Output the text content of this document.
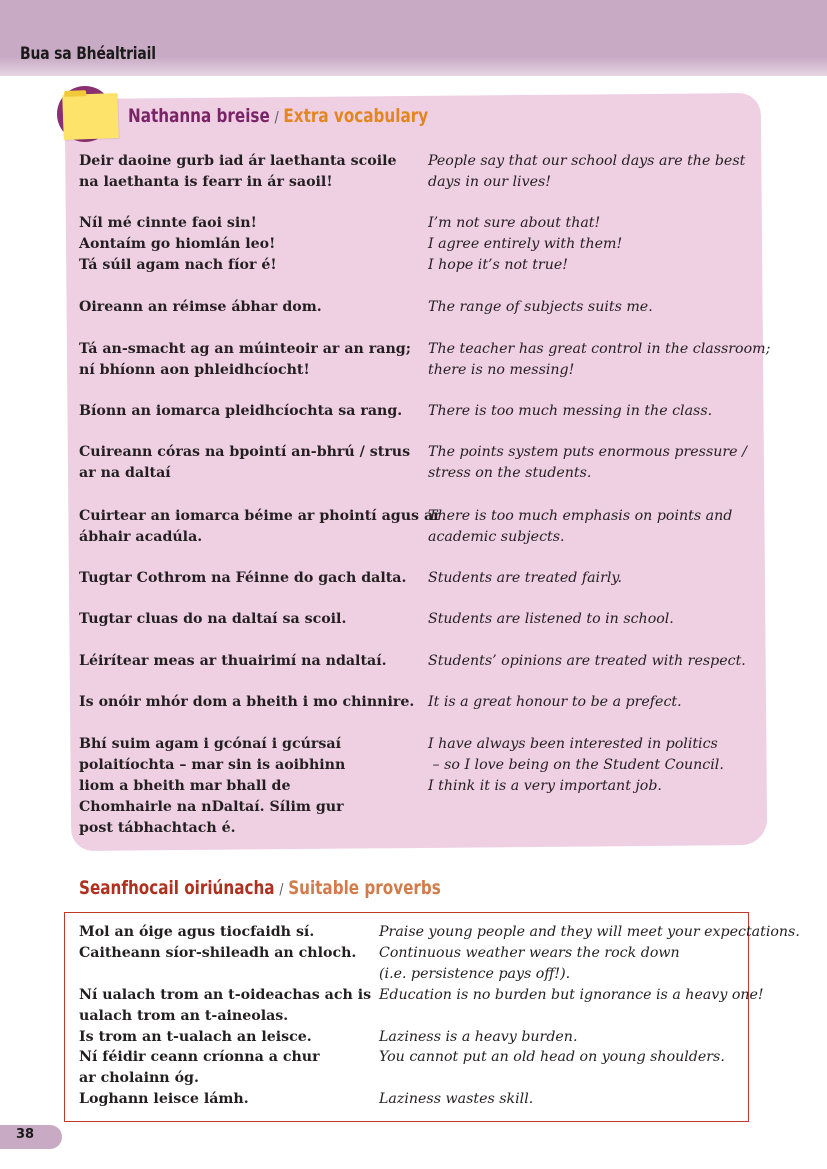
Bua sa Bhéaltriail
Nathanna breise / Extra vocabulary
Deir daoine gurb iad ár laethanta scoile
na laethanta is fearr in ár saoil!
Níl mé cinnte faoi sin!
Aontaím go hiomlán leo!
Tá súil agam nach fíor é!
Oireann an réimse ábhar dom.
Tá an-smacht ag an múinteoir ar an rang;
ní bhíonn aon phleidhcíocht!
Bíonn an iomarca pleidhcíochta sa rang.
Cuireann córas na bpointí an-bhrú / strus
ar na daltaí
Cuirtear an iomarca béime ar phointí agus ar
ábhair acadúla.
Tugtar Cothrom na Féinne do gach dalta.
Tugtar cluas do na daltaí sa scoil.
Léirítear meas ar thuairimí na ndaltaí.
Is onóir mhór dom a bheith i mo chinnire.
Bhí suim agam i gcónaí i gcúrsaí
polaitíochta – mar sin is aoibhinn
liom a bheith mar bhall de
Chomhairle na nDaltaí. Sílim gur
post tábhachtach é.
People say that our school days are the best
days in our lives!
I’m not sure about that!
I agree entirely with them!
I hope it’s not true!
The range of subjects suits me.
The teacher has great control in the classroom;
there is no messing!
There is too much messing in the class.
The points system puts enormous pressure /
stress on the students.
There is too much emphasis on points and
academic subjects.
Students are treated fairly.
Students are listened to in school.
Students’ opinions are treated with respect.
It is a great honour to be a prefect.
I have always been interested in politics
– so I love being on the Student Council.
I think it is a very important job.
Seanfhocail oiriúnacha / Suitable proverbs
Mol an óige agus tiocfaidh sí.
Caitheann síor-shileadh an chloch.
Ní ualach trom an t-oideachas ach is
ualach trom an t-aineolas.
Is trom an t-ualach an leisce.
Ní féidir ceann críonna a chur
ar cholainn óg.
Loghann leisce lámh.
Praise young people and they will meet your expectations.
Continuous weather wears the rock down
(i.e. persistence pays off!).
Education is no burden but ignorance is a heavy one!
Laziness is a heavy burden.
You cannot put an old head on young shoulders.
Laziness wastes skill.
38
